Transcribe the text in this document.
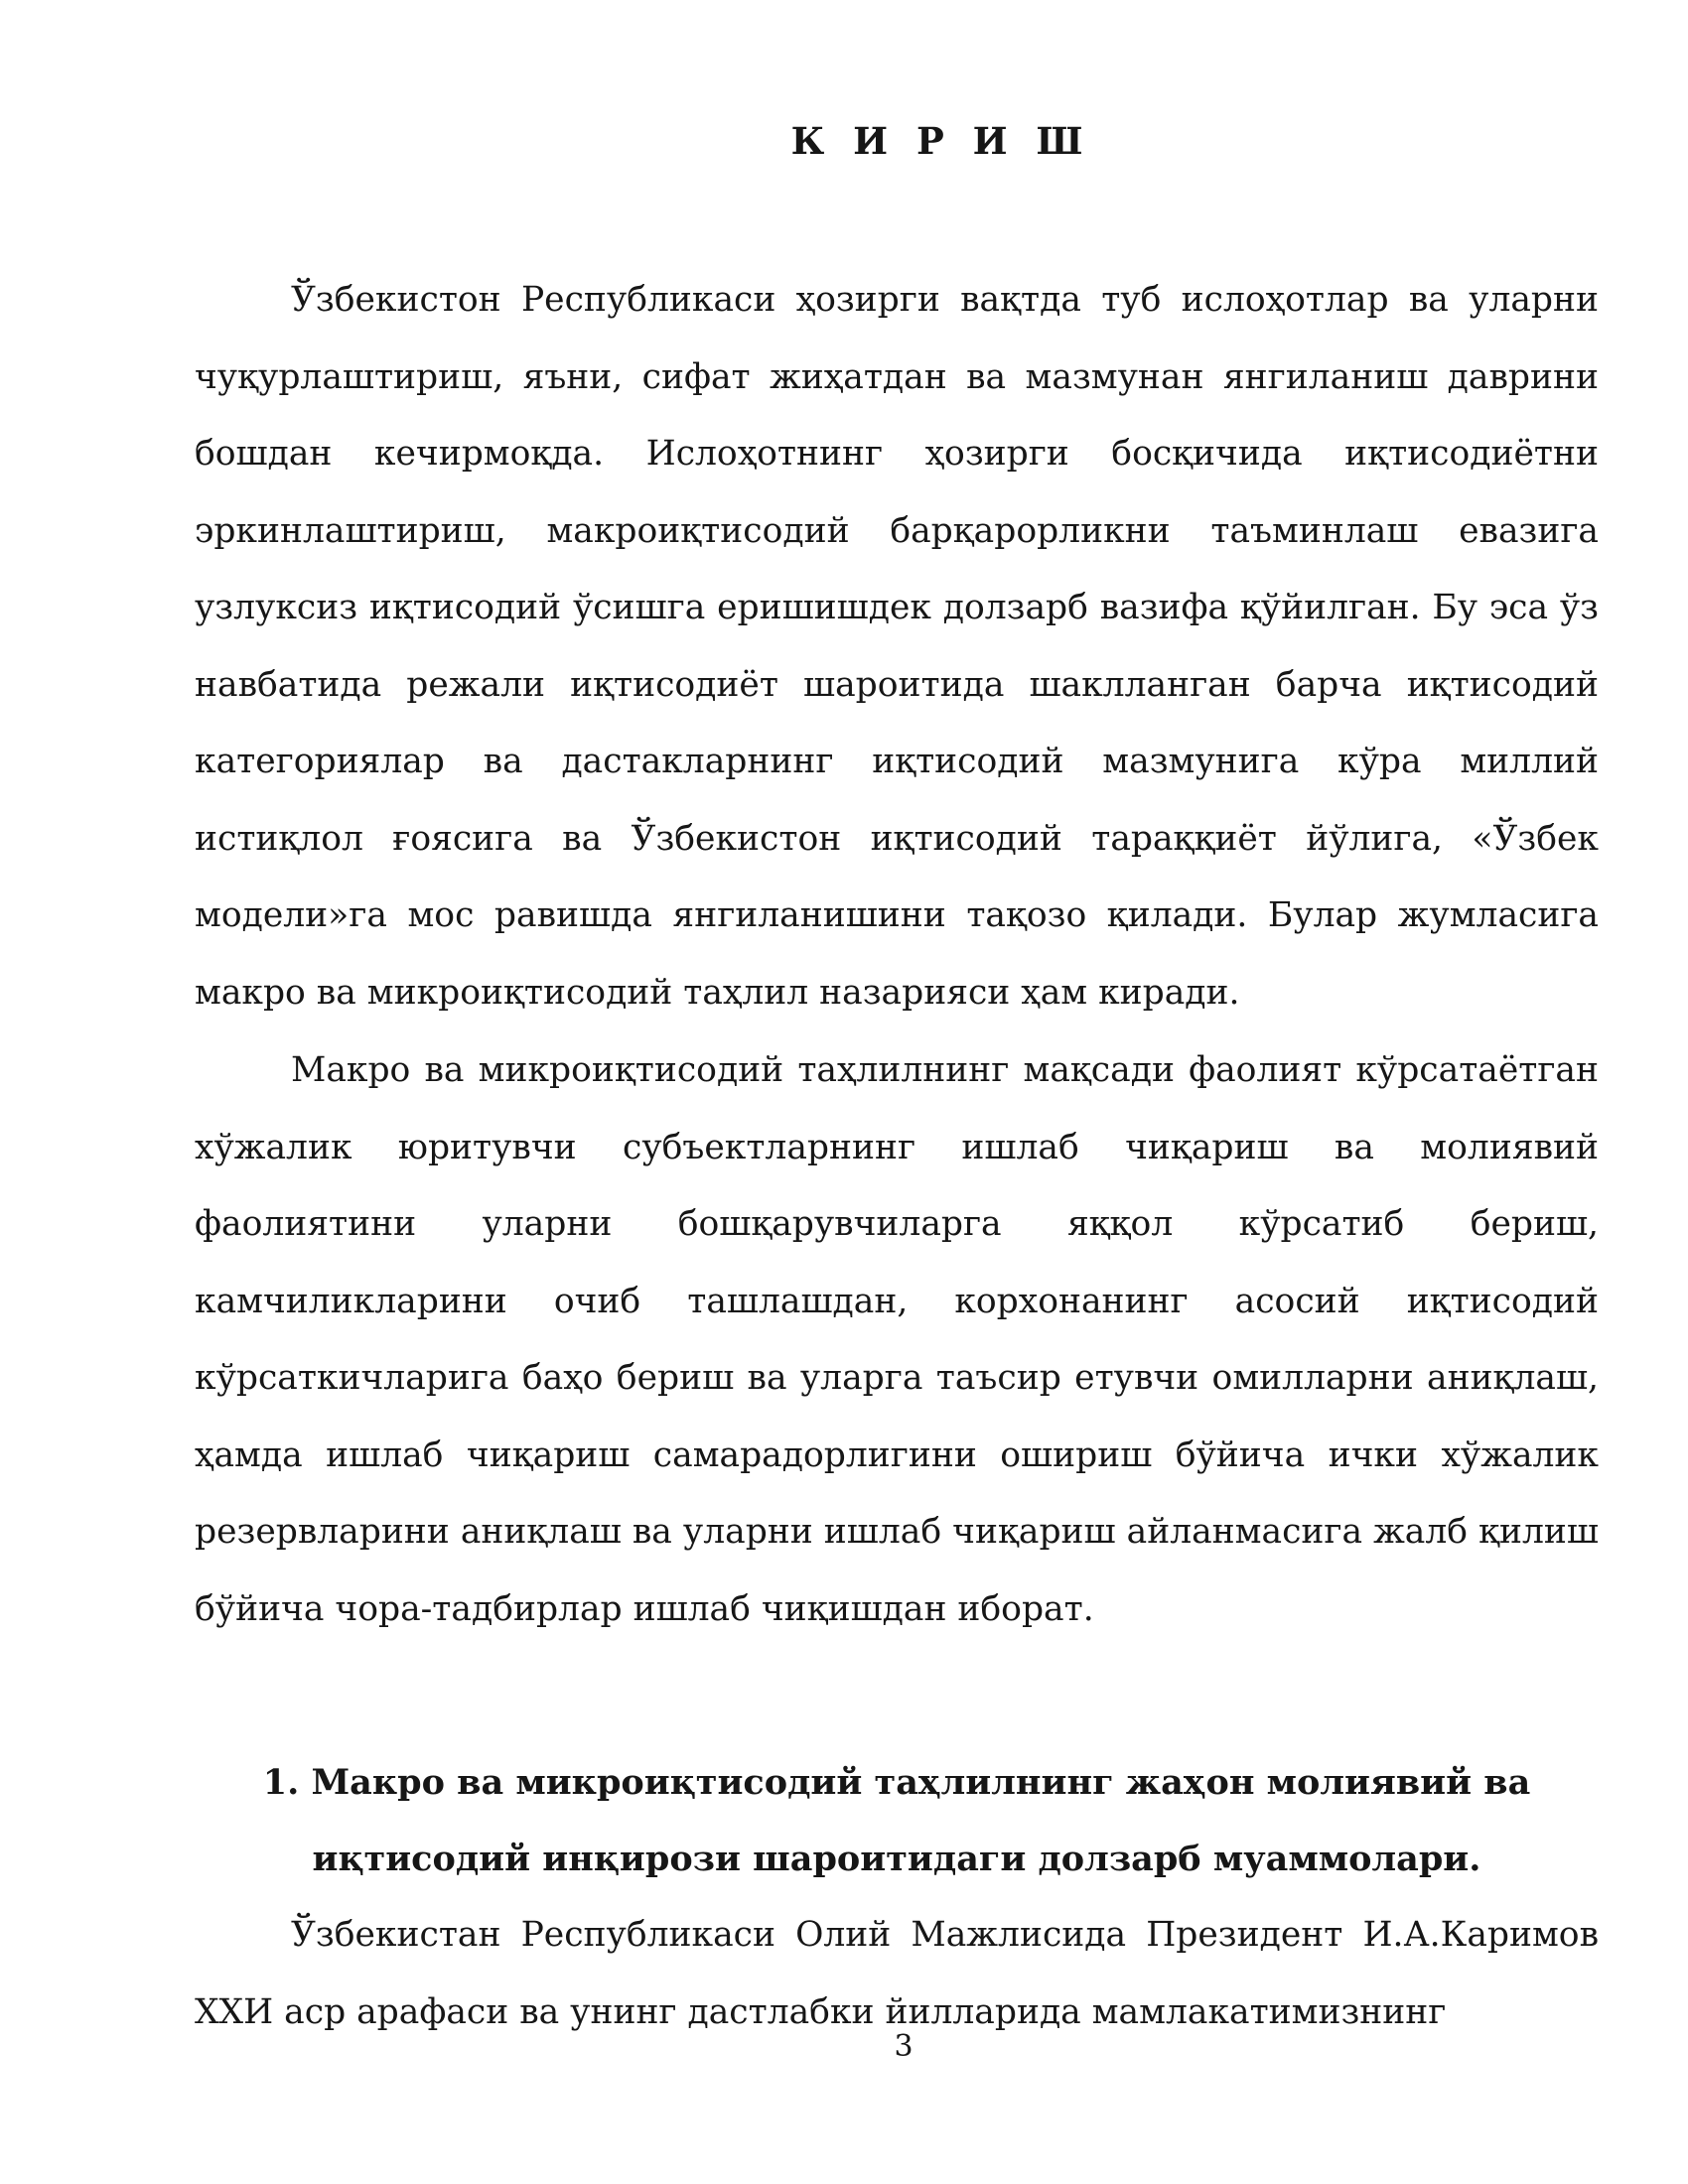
К И Р И Ш

Ўзбекистон Республикаси ҳозирги вақтда туб ислоҳотлар ва уларни чуқурлаштириш, яъни, сифат жиҳатдан ва мазмунан янгиланиш даврини бошдан кечирмоқда. Ислоҳотнинг ҳозирги босқичида иқтисодиётни эркинлаштириш, макроиқтисодий барқарорликни таъминлаш евазига узлуксиз иқтисодий ўсишга еришишдек долзарб вазифа қўйилган. Бу эса ўз навбатида режали иқтисодиёт шароитида шаклланган барча иқтисодий категориялар ва дастакларнинг иқтисодий мазмунига кўра миллий истиқлол ғоясига ва Ўзбекистон иқтисодий тараққиёт йўлига, «Ўзбек модели»га мос равишда янгиланишини тақозо қилади. Булар жумласига макро ва микроиқтисодий таҳлил назарияси ҳам киради.

Макро ва микроиқтисодий таҳлилнинг мақсади фаолият кўрсатаётган хўжалик юритувчи субъектларнинг ишлаб чиқариш ва молиявий фаолиятини уларни бошқарувчиларга яққол кўрсатиб бериш, камчиликларини очиб ташлашдан, корхонанинг асосий иқтисодий кўрсаткичларига баҳо бериш ва уларга таъсир етувчи омилларни аниқлаш, ҳамда ишлаб чиқариш самарадорлигини ошириш бўйича ички хўжалик резервларини аниқлаш ва уларни ишлаб чиқариш айланмасига жалб қилиш бўйича чора-тадбирлар ишлаб чиқишдан иборат.

1. Макро ва микроиқтисодий таҳлилнинг жаҳон молиявий ва
иқтисодий инқирози шароитидаги долзарб муаммолари.

Ўзбекистан Республикаси Олий Мажлисида Президент И.А.Каримов ХХИ аср арафаси ва унинг дастлабки йилларида мамлакатимизнинг

3
